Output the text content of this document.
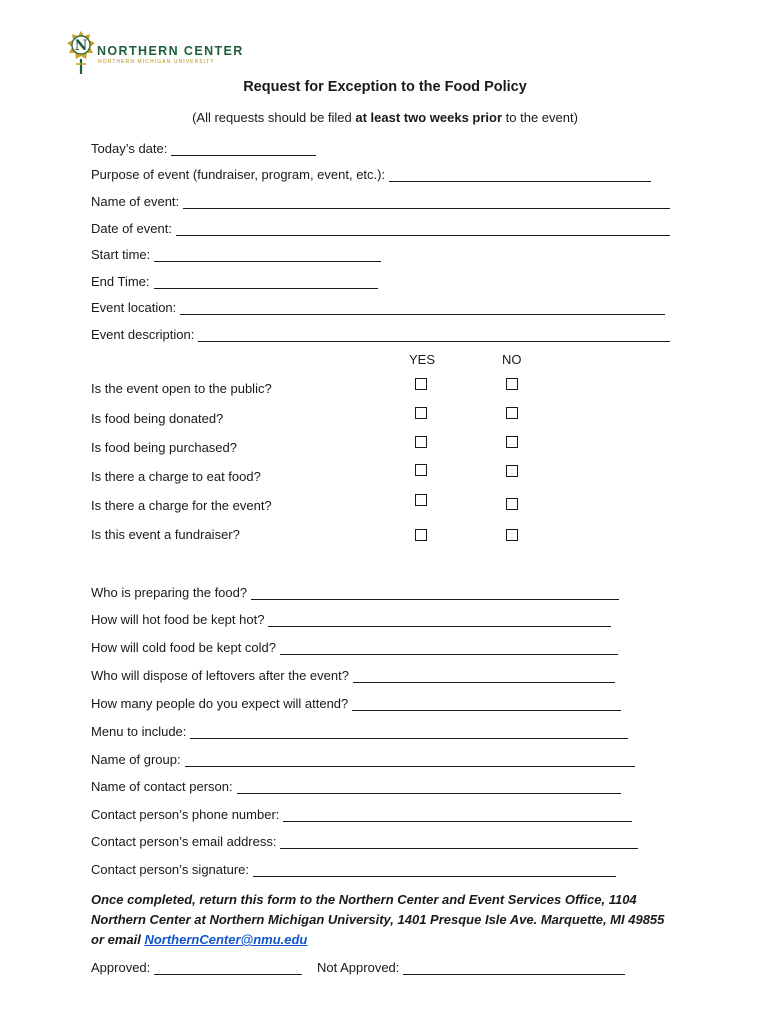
N NORTHERN CENTER
NORTHERN MICHIGAN UNIVERSITY
Request for Exception to the Food Policy
(All requests should be filed at least two weeks prior to the event)
Today’s date:
Purpose of event (fundraiser, program, event, etc.):
Name of event:
Date of event:
Start time:
End Time:
Event location:
Event description:
YES	NO
Is the event open to the public?
Is food being donated?
Is food being purchased?
Is there a charge to eat food?
Is there a charge for the event?
Is this event a fundraiser?
Who is preparing the food?
How will hot food be kept hot?
How will cold food be kept cold?
Who will dispose of leftovers after the event?
How many people do you expect will attend?
Menu to include:
Name of group:
Name of contact person:
Contact person’s phone number:
Contact person’s email address:
Contact person’s signature:
Once completed, return this form to the Northern Center and Event Services Office, 1104 Northern Center at Northern Michigan University, 1401 Presque Isle Ave. Marquette, MI 49855 or email NorthernCenter@nmu.edu
Approved:	Not Approved:
